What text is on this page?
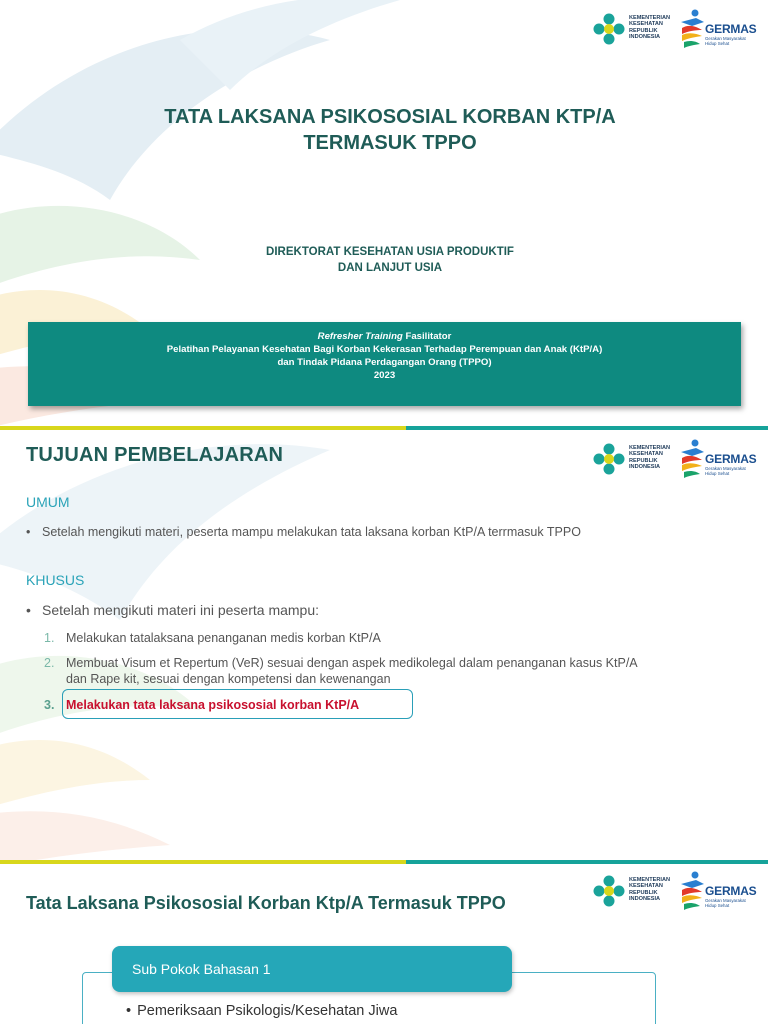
KEMENTERIAN
KESEHATAN
REPUBLIK
INDONESIA
GERMAS
Gerakan Masyarakat
Hidup Sehat
TATA LAKSANA PSIKOSOSIAL KORBAN KTP/A
TERMASUK TPPO
DIREKTORAT KESEHATAN USIA PRODUKTIF
DAN LANJUT USIA
Refresher Training Fasilitator
Pelatihan Pelayanan Kesehatan Bagi Korban Kekerasan Terhadap Perempuan dan Anak (KtP/A)
dan Tindak Pidana Perdagangan Orang (TPPO)
2023
KEMENTERIAN
KESEHATAN
REPUBLIK
INDONESIA
GERMAS
Gerakan Masyarakat
Hidup Sehat
TUJUAN PEMBELAJARAN
UMUM
• Setelah mengikuti materi, peserta mampu melakukan tata laksana korban KtP/A terrmasuk TPPO
KHUSUS
• Setelah mengikuti materi ini peserta mampu:
1. Melakukan tatalaksana penanganan medis korban KtP/A
2. Membuat Visum et Repertum (VeR) sesuai dengan aspek medikolegal dalam penanganan kasus KtP/A
dan Rape kit, sesuai dengan kompetensi dan kewenangan
3. Melakukan tata laksana psikososial korban KtP/A
KEMENTERIAN
KESEHATAN
REPUBLIK
INDONESIA
GERMAS
Gerakan Masyarakat
Hidup Sehat
Tata Laksana Psikososial Korban Ktp/A Termasuk TPPO
Sub Pokok Bahasan 1
• Pemeriksaan Psikologis/Kesehatan Jiwa
